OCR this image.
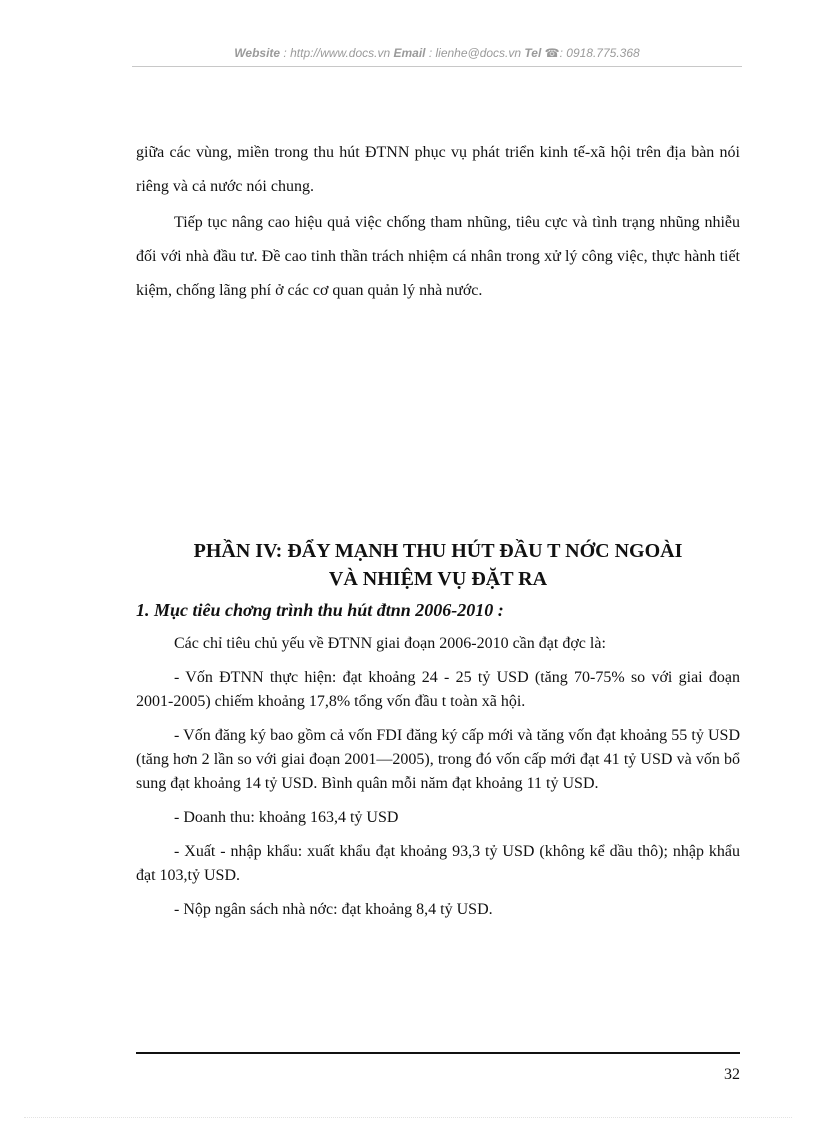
Website : http://www.docs.vn Email : lienhe@docs.vn Tel ☎: 0918.775.368
giữa các vùng, miền trong thu hút ĐTNN phục vụ phát triển kinh tế-xã hội trên địa bàn nói riêng và cả nước nói chung.
Tiếp tục nâng cao hiệu quả việc chống tham nhũng, tiêu cực và tình trạng nhũng nhiễu đối với nhà đầu tư. Đề cao tinh thần trách nhiệm cá nhân trong xử lý công việc, thực hành tiết kiệm, chống lãng phí ở các cơ quan quản lý nhà nước.
PHẦN IV: ĐẨY MẠNH THU HÚT ĐẦU T NỚC NGOÀI
VÀ NHIỆM VỤ ĐẶT RA
1. Mục tiêu chơng trình thu hút đtnn 2006-2010 :

Các chỉ tiêu chủ yếu về ĐTNN giai đoạn 2006-2010 cần đạt đợc là:

- Vốn ĐTNN thực hiện: đạt khoảng 24 - 25 tỷ USD (tăng 70-75% so với giai đoạn 2001-2005) chiếm khoảng 17,8% tổng vốn đầu t toàn xã hội.

- Vốn đăng ký bao gồm cả vốn FDI đăng ký cấp mới và tăng vốn đạt khoảng 55 tỷ USD (tăng hơn 2 lần so với giai đoạn 2001—2005), trong đó vốn cấp mới đạt 41 tỷ USD và vốn bổ sung đạt khoảng 14 tỷ USD. Bình quân mỗi năm đạt khoảng 11 tỷ USD.

- Doanh thu: khoảng 163,4 tỷ USD

- Xuất - nhập khẩu: xuất khẩu đạt khoảng 93,3 tỷ USD (không kể dầu thô); nhập khẩu đạt 103,tỷ USD.

- Nộp ngân sách nhà nớc: đạt khoảng 8,4 tỷ USD.

32
